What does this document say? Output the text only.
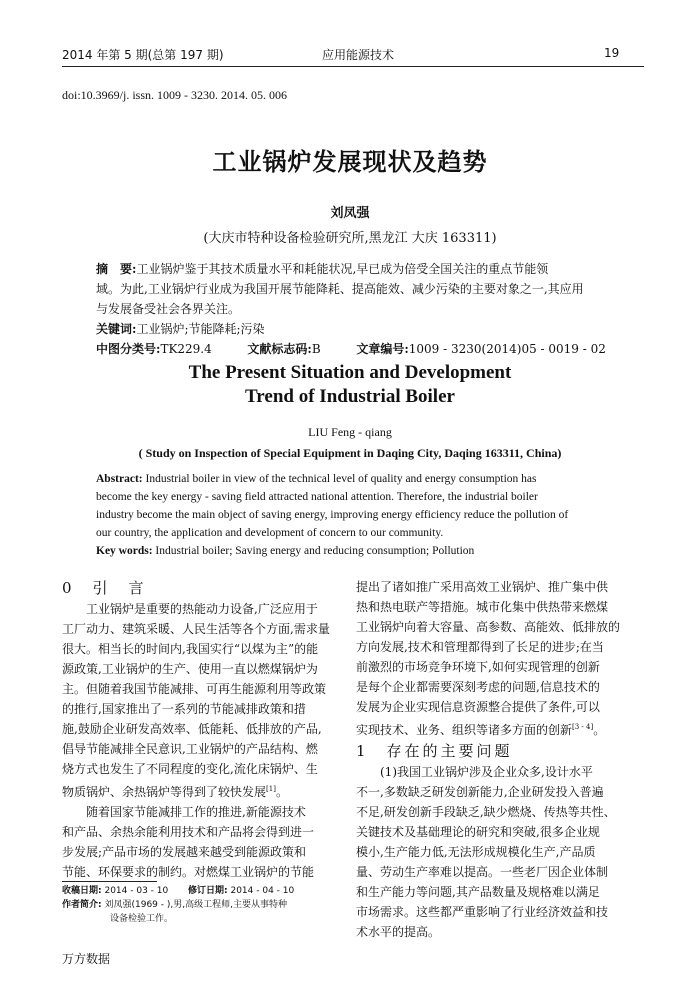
2014 年第 5 期(总第 197 期)	应用能源技术	19
doi:10.3969/j. issn. 1009 - 3230. 2014. 05. 006
工业锅炉发展现状及趋势
刘凤强
(大庆市特种设备检验研究所,黑龙江 大庆 163311)
摘　要:工业锅炉鉴于其技术质量水平和耗能状况,早已成为倍受全国关注的重点节能领
域。为此,工业锅炉行业成为我国开展节能降耗、提高能效、减少污染的主要对象之一,其应用
与发展备受社会各界关注。
关键词:工业锅炉;节能降耗;污染
中图分类号:TK229.4	文献标志码:B	文章编号:1009 - 3230(2014)05 - 0019 - 02
The Present Situation and Development
Trend of Industrial Boiler
LIU Feng - qiang
( Study on Inspection of Special Equipment in Daqing City, Daqing 163311, China)
Abstract: Industrial boiler in view of the technical level of quality and energy consumption has
become the key energy - saving field attracted national attention. Therefore, the industrial boiler
industry become the main object of saving energy, improving energy efficiency reduce the pollution of
our country, the application and development of concern to our community.
Key words: Industrial boiler; Saving energy and reducing consumption; Pollution
0　引　言
　　工业锅炉是重要的热能动力设备,广泛应用于
工厂动力、建筑采暖、人民生活等各个方面,需求量
很大。相当长的时间内,我国实行“以煤为主”的能
源政策,工业锅炉的生产、使用一直以燃煤锅炉为
主。但随着我国节能减排、可再生能源利用等政策
的推行,国家推出了一系列的节能减排政策和措
施,鼓励企业研发高效率、低能耗、低排放的产品,
倡导节能减排全民意识,工业锅炉的产品结构、燃
烧方式也发生了不同程度的变化,流化床锅炉、生
物质锅炉、余热锅炉等得到了较快发展[1]。
　　随着国家节能减排工作的推进,新能源技术
和产品、余热余能利用技术和产品将会得到进一
步发展;产品市场的发展越来越受到能源政策和
节能、环保要求的制约。对燃煤工业锅炉的节能
收稿日期: 2014 - 03 - 10 修订日期: 2014 - 04 - 10
作者简介: 刘凤强(1969 - ),男,高级工程师,主要从事特种
设备检验工作。
提出了诸如推广采用高效工业锅炉、推广集中供
热和热电联产等措施。城市化集中供热带来燃煤
工业锅炉向着大容量、高参数、高能效、低排放的
方向发展,技术和管理都得到了长足的进步;在当
前激烈的市场竞争环境下,如何实现管理的创新
是每个企业都需要深刻考虑的问题,信息技术的
发展为企业实现信息资源整合提供了条件,可以
实现技术、业务、组织等诸多方面的创新[3 - 4]。
1　存在的主要问题
　　(1)我国工业锅炉涉及企业众多,设计水平
不一,多数缺乏研发创新能力,企业研发投入普遍
不足,研发创新手段缺乏,缺少燃烧、传热等共性、
关键技术及基础理论的研究和突破,很多企业规
模小,生产能力低,无法形成规模化生产,产品质
量、劳动生产率难以提高。一些老厂因企业体制
和生产能力等问题,其产品数量及规格难以满足
市场需求。这些都严重影响了行业经济效益和技
术水平的提高。
万方数据
